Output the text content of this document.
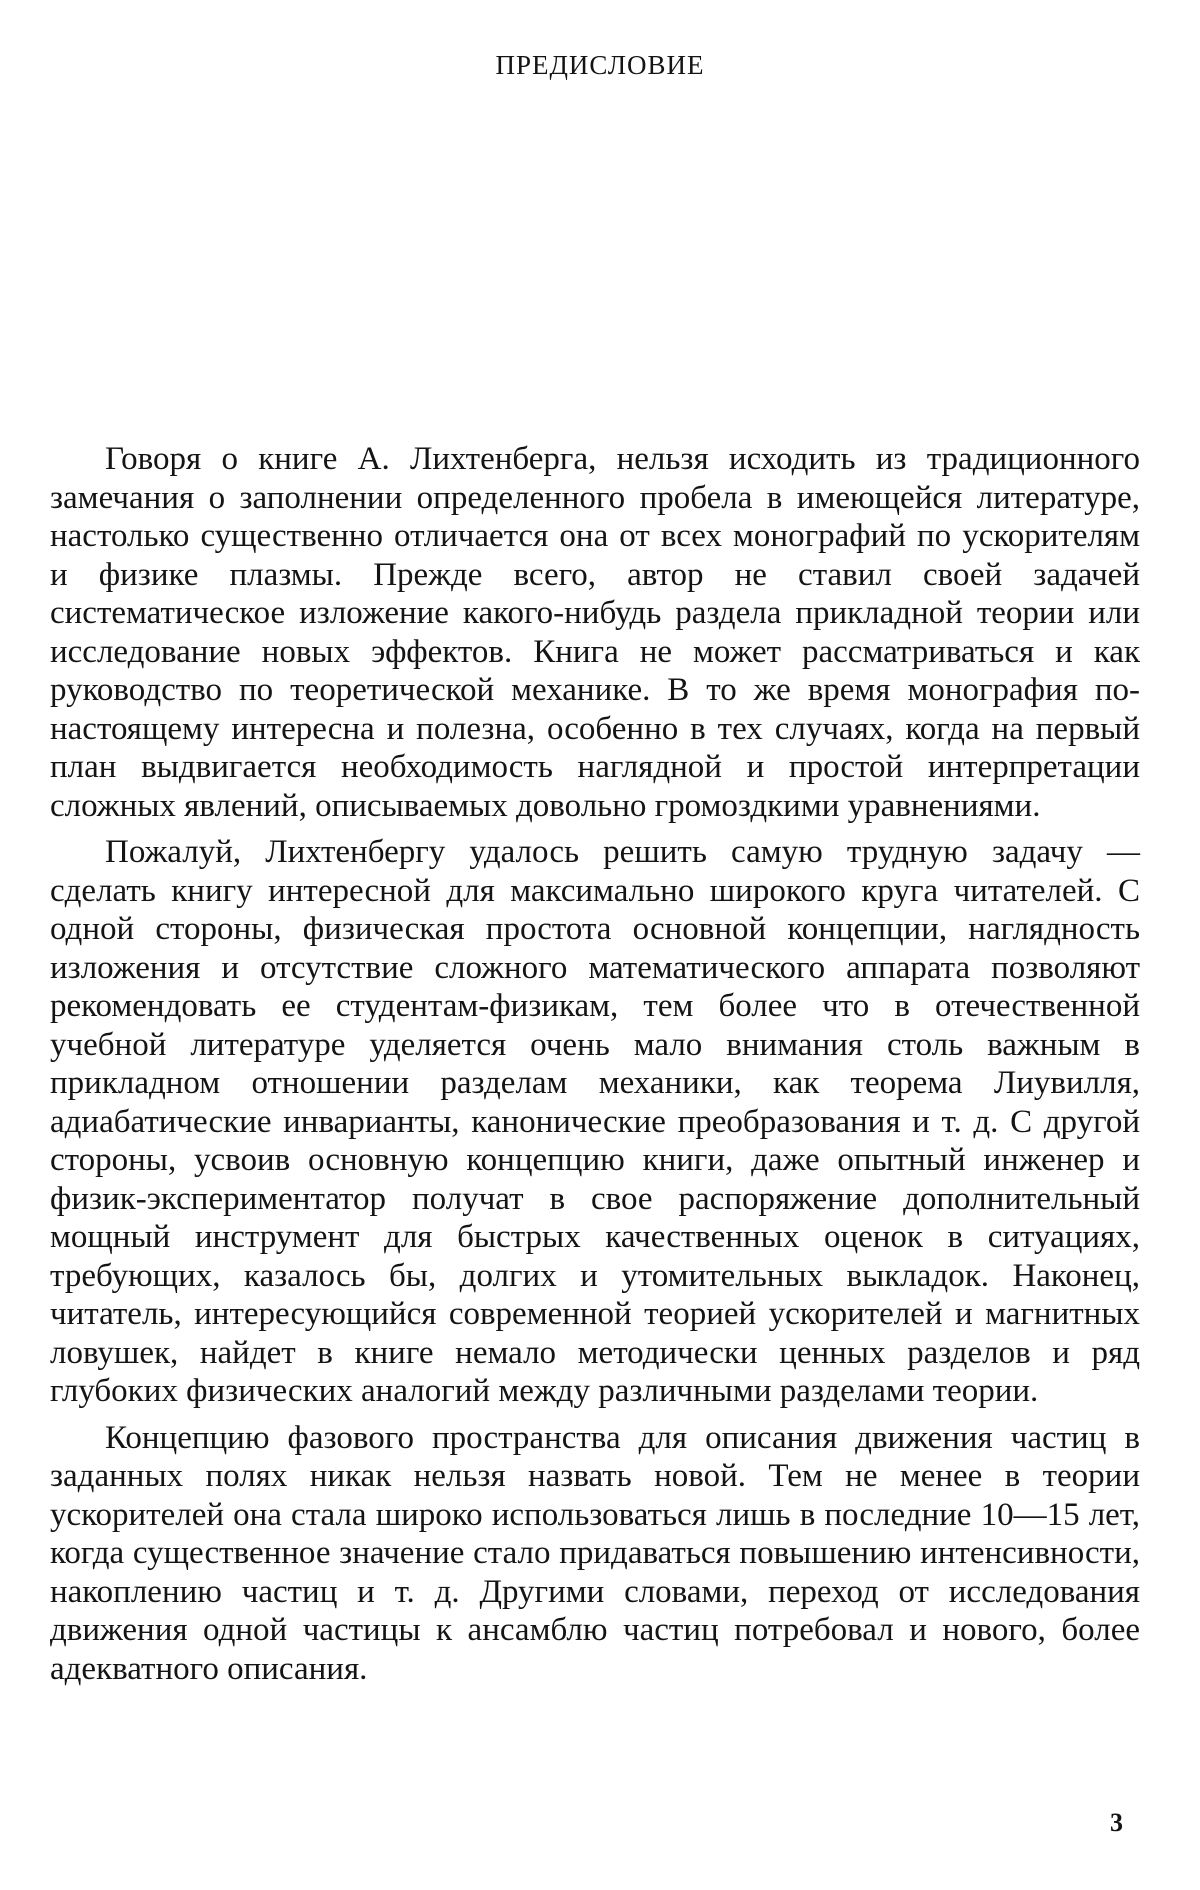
ПРЕДИСЛОВИЕ

Говоря о книге А. Лихтенберга, нельзя исходить из традиционного замечания о заполнении определенного пробела в имеющейся литературе, настолько существенно отличается она от всех монографий по ускорителям и физике плазмы. Прежде всего, автор не ставил своей задачей систематическое изложение какого-нибудь раздела прикладной теории или исследование новых эффектов. Книга не может рассматриваться и как руководство по теоретической механике. В то же время монография по-настоящему интересна и полезна, особенно в тех случаях, когда на первый план выдвигается необходимость наглядной и простой интерпретации сложных явлений, описываемых довольно громоздкими уравнениями.

Пожалуй, Лихтенбергу удалось решить самую трудную задачу — сделать книгу интересной для максимально широкого круга читателей. С одной стороны, физическая простота основной концепции, наглядность изложения и отсутствие сложного математического аппарата позволяют рекомендовать ее студентам-физикам, тем более что в отечественной учебной литературе уделяется очень мало внимания столь важным в прикладном отношении разделам механики, как теорема Лиувилля, адиабатические инварианты, канонические преобразования и т. д. С другой стороны, усвоив основную концепцию книги, даже опытный инженер и физик-экспериментатор получат в свое распоряжение дополнительный мощный инструмент для быстрых качественных оценок в ситуациях, требующих, казалось бы, долгих и утомительных выкладок. Наконец, читатель, интересующийся современной теорией ускорителей и магнитных ловушек, найдет в книге немало методически ценных разделов и ряд глубоких физических аналогий между различными разделами теории.

Концепцию фазового пространства для описания движения частиц в заданных полях никак нельзя назвать новой. Тем не менее в теории ускорителей она стала широко использоваться лишь в последние 10—15 лет, когда существенное значение стало придаваться повышению интенсивности, накоплению частиц и т. д. Другими словами, переход от исследования движения одной частицы к ансамблю частиц потребовал и нового, более адекватного описания.

3
